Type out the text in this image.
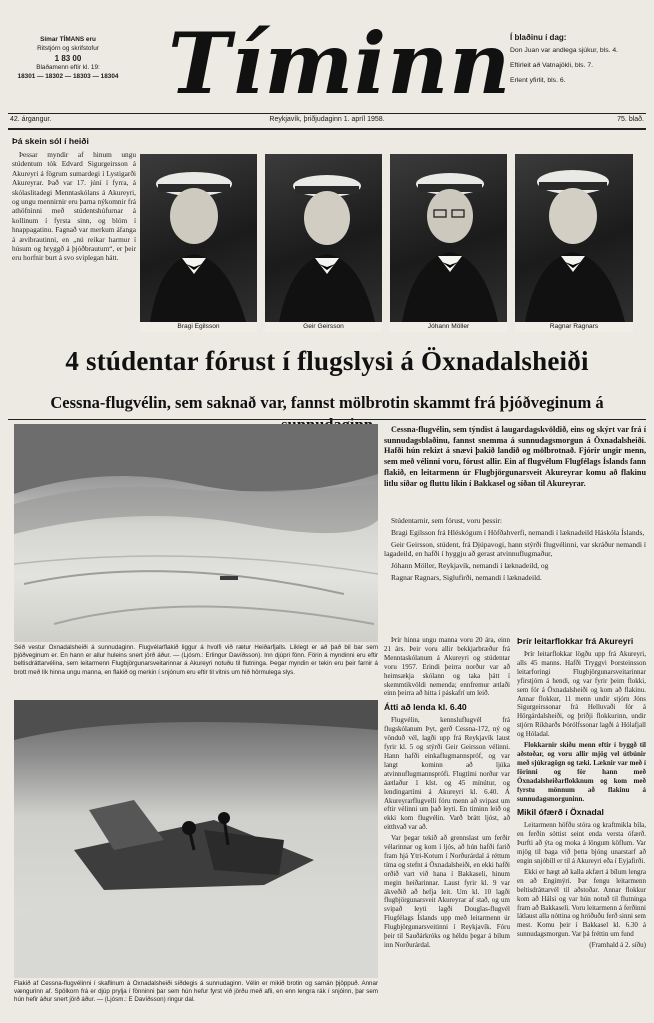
Símar TÍMANS eru
Ritstjórn og skrifstofur
1 83 00
Blaðamenn eftir kl. 19:
18301 — 18302 — 18303 — 18304 Tíminn
Í blaðinu í dag:
Don Juan var andlega sjúkur, bls. 4.
Eftirleit að Vatnajökli, bls. 7.
Erlent yfirlit, bls. 6.
42. árgangur.	Reykjavík, þriðjudaginn 1. apríl 1958.	75. blað.
Þá skein sól í heiði

Þessar myndir af hinum ungu stúdentum tók Edvard Sigurgeirsson á Akureyri á fögrum sumardegi í Lystigarði Akureyrar. Það var 17. júní í fyrra, á skólaslitadegi Menntaskólans á Akureyri, og ungu mennirnir eru þarna nýkomnir frá athöfninni með stúdentshúfurnar á kollinum í fyrsta sinn, og blóm í hnappagatinu. Fagnað var merkum áfanga á ævibrautinni, en „nú reikar harmur í húsum og hryggð á þjóðbrautum“, er þeir eru horfnir burt á svo sviplegan hátt.

Bragi Egilsson	Geir Geirsson	Jóhann Möller	Ragnar Ragnars
4 stúdentar fórust í flugslysi á Öxnadalsheiði
Cessna-flugvélin, sem saknað var, fannst mölbrotin skammt frá þjóðveginum á
Séð vestur Öxnadalsheiði á sunnudaginn. Flugvélarflakið liggur á hvolfi við rætur Heiðarfjalls. Líklegt er að það bil bar sem þjóðveginum er. En hann er allur huleins snert jörð áður. — (Ljósm.: Erlingur Davíðsson). Inn djúpri fönn. Förin á myndinni eru eftir beltisdráttarvélina, sem leitarmenn Flugbjörgunarsveitarinnar á Akureyri notuðu til flutninga. Þegar myndin er tekin eru þeir farnir á brott með lík hinna ungu manna, en flakið og merkin í snjónum eru eftir til vitnis um hið hörmulega slys.
Flakið af Cessna-flugvélinni í skaflinum á Öxnadalsheiði síðdegis á sunnudaginn. Vélin er mikið brotin og samán þjöppuð. Annar vængurinn af. Spölkorn frá er djúp prylja í fönninni þar sem hún hefur fyrst við jörðu með afli, en enn lengra rák í snjóinn, þar sem hún hefir áður snert jörð áður. — (Ljósm.: E Davíðsson) ringur dal.

Cessna-flugvélin, sem týndist á laugardagskvöldið, eins og skýrt var frá í sunnudagsblaðinu, fannst snemma á sunnudagsmorgun á Öxnadalsheiði. Hafði hún rekizt á snævi þakið landið og mölbrotnað. Fjórir ungir menn, sem með vélinni voru, fórust allir. Ein af flugvélum Flugfélags Íslands fann flakið, en leitarmenn úr Flugbjörgunarsveit Akureyrar komu að flakinu litlu síðar og fluttu líkin í Bakkasel og síðan til Akureyrar.

Stúdentarnir, sem fórust, voru þessir:

Bragi Egilsson frá Hléskógum í Höfðahverfi, nemandi í læknadeild Háskóla Íslands,

Geir Geirsson, stúdent, frá Djúpavogi, hann stýrði flugvélinni, var skráður nemandi í lagadeild, en hafði í hyggju að gerast atvinnuflugmaður,

Jóhann Möller, Reykjavík, nemandi í læknadeild, og

Ragnar Ragnars, Siglufirði, nemandi í læknadeild.

Þrír hinna ungu manna voru 20 ára, einn 21 árs. Þeir voru allir bekkjarbræður frá Menntaskólanum á Akureyri og stúdentar voru 1957. Erindi þeirra norður var að heimsækja skólann og taka þátt í skemmtikvöldi nemenda; ennfremur ætlaði einn þeirra að hitta í páskafrí um leið.

Átti að lenda kl. 6.40

Flugvélin, kennsluflugvél frá flugskólanum Þyt, gerð Cessna-172, ný og vönduð vél, lagði upp frá Reykjavík laust fyrir kl. 5 og stýrði Geir Geirsson vélinni. Hann hafði einkaflugmannspróf, og var langt kominn að ljúka atvinnuflugmannsprófi. Flugtími norður var áætlaður 1 klst. og 45 mínútur, og lendingartími á Akureyri kl. 6.40. Á Akureyrarflugvelli fóru menn að svipast um eftir vélinni um það leyti. En tíminn leið og ekki kom flugvélin. Varð brátt ljóst, að eitthvað var að.

Var þegar tekið að grennslast um ferðir vélarinnar og kom í ljós, að hún hafði farið fram hjá Ytri-Kotum í Norðurárdal á réttum tíma og stefnt á Öxnadalsheiði, en ekki hafði orðið vart við hana í Bakkaseli, hinum megin heiðarinnar. Laust fyrir kl. 9 var ákveðið að hefja leit. Um kl. 10 lagði flugbjörgunarsveit Akureyrar af stað, og um svipað leyti lagði Douglas-flugvél Flugfélags Íslands upp með leitarmenn úr Flugbjörgunarsveitinni í Reykjavík. Fóru þeir til Sauðárkróks og héldu þegar á bílum inn Norðurárdal.

Þrír leitarflokkar frá Akureyri

Þrír leitarflokkar lögðu upp frá Akureyri, alls 45 manns. Hafði Tryggvi Þorsteinsson leitarforingi Flugbjörgunarsveitarinnar yfirstjórn á hendi, og var fyrir þeim flokki, sem fór á Öxnadalsheiði og kom að flakinu. Annar flokkur, 11 menn undir stjórn Jóns Sigurgeirssonar frá Helluvaði fór á Hörgárdalsheiði, og þriðji flokkurinn, undir stjórn Ríkharðs Þórólfssonar lagði á Hólafjall og Hóladal.

Flokkarnir skiðu menn eftir í byggð til aðstoðar, og voru allir mjög vel útbúnir með sjúkragögn og tæki. Læknir var með í förinni og fór hann með Öxnadalsheiðarflokknum og kom með fyrstu mönnum að flakinu á sunnudagsmorguninn.

Mikil ófærð í Öxnadal

Leitarmenn höfðu stóra og kraftmikla bíla, en ferðin sóttist seint enda versta ófærð. Þurfti að ýta og moka á löngum köflum. Var mjög til baga við þetta bjóng unarstarf að engin snjóbíll er til á Akureyri eða í Eyjafirði.

Ekki er hægt að kalla akfært á bílum lengra en að Engimýri. Þar fengu leitarmenn beltisdráttarvél til aðstoðar. Annar flokkur kom að Hálsi og var hún notuð til flutninga fram að Bakkaseli. Voru leitarmenn á ferðinni látlaust alla nóttina og hröðuðu ferð sinni sem mest. Komu þeir í Bakkasel kl. 6.30 á sunnudagsmorgun. Var þá fréttin um fund

(Framhald á 2. síðu)
